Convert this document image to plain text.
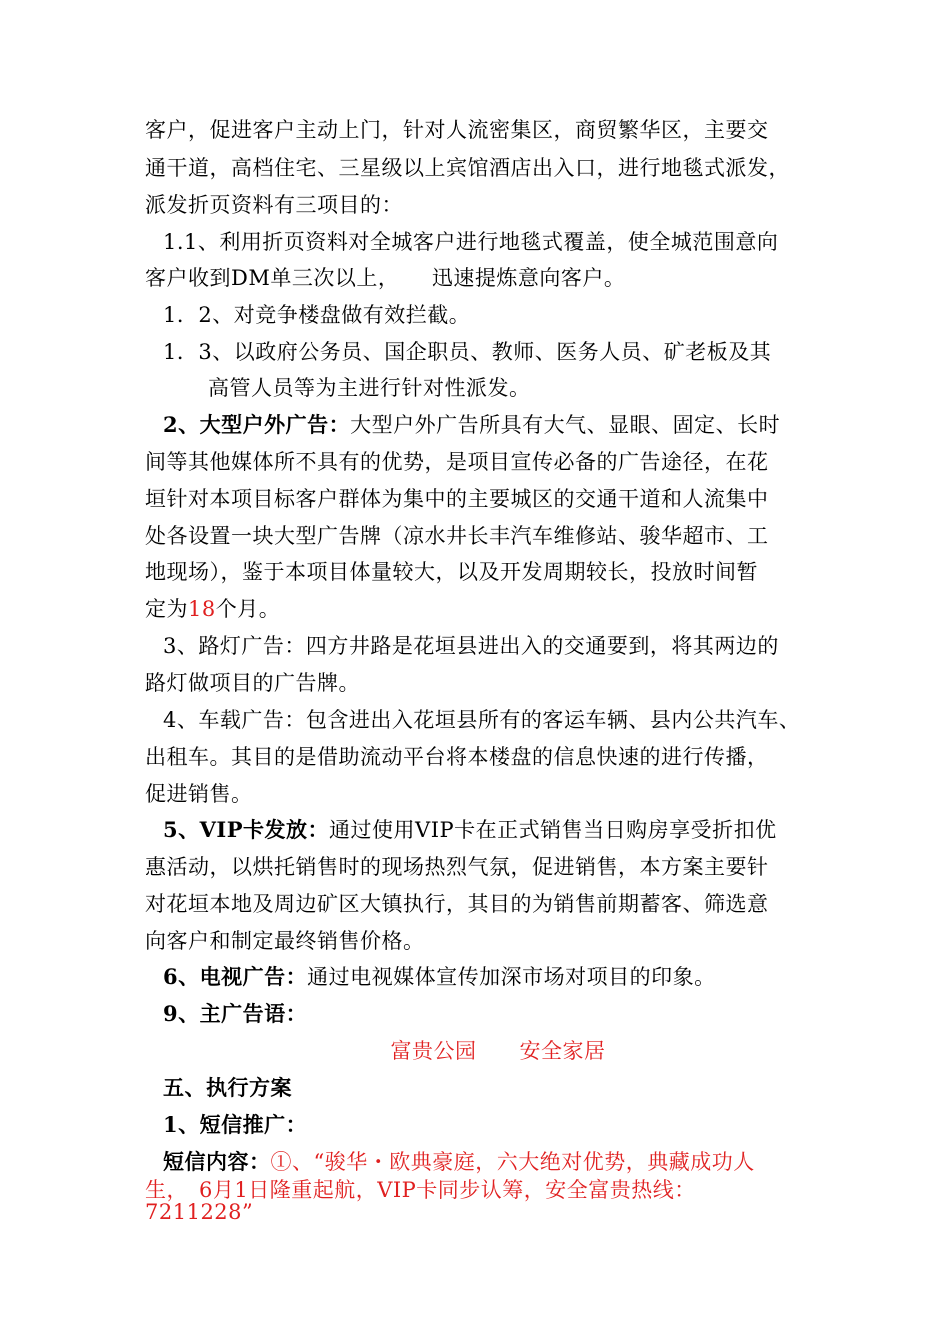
客户，促进客户主动上门，针对人流密集区，商贸繁华区，主要交
通干道，高档住宅、三星级以上宾馆酒店出入口，进行地毯式派发，
派发折页资料有三项目的：
1.1、利用折页资料对全城客户进行地毯式覆盖，使全城范围意向
客户收到DM单三次以上，　　迅速提炼意向客户。
1．2、对竞争楼盘做有效拦截。
1．3、以政府公务员、国企职员、教师、医务人员、矿老板及其
高管人员等为主进行针对性派发。
2、大型户外广告：大型户外广告所具有大气、显眼、固定、长时
间等其他媒体所不具有的优势，是项目宣传必备的广告途径，在花
垣针对本项目标客户群体为集中的主要城区的交通干道和人流集中
处各设置一块大型广告牌（凉水井长丰汽车维修站、骏华超市、工
地现场），鉴于本项目体量较大，以及开发周期较长，投放时间暂
定为18个月。
3、路灯广告：四方井路是花垣县进出入的交通要到，将其两边的
路灯做项目的广告牌。
4、车载广告：包含进出入花垣县所有的客运车辆、县内公共汽车、
出租车。其目的是借助流动平台将本楼盘的信息快速的进行传播，
促进销售。
5、VIP卡发放：通过使用VIP卡在正式销售当日购房享受折扣优
惠活动，以烘托销售时的现场热烈气氛，促进销售，本方案主要针
对花垣本地及周边矿区大镇执行，其目的为销售前期蓄客、筛选意
向客户和制定最终销售价格。
6、电视广告：通过电视媒体宣传加深市场对项目的印象。
9、主广告语：
富贵公园　　安全家居
五、执行方案
1、短信推广：
短信内容：①、“骏华・欧典豪庭，六大绝对优势，典藏成功人
生，　6月1日隆重起航，VIP卡同步认筹，安全富贵热线：
7211228”
